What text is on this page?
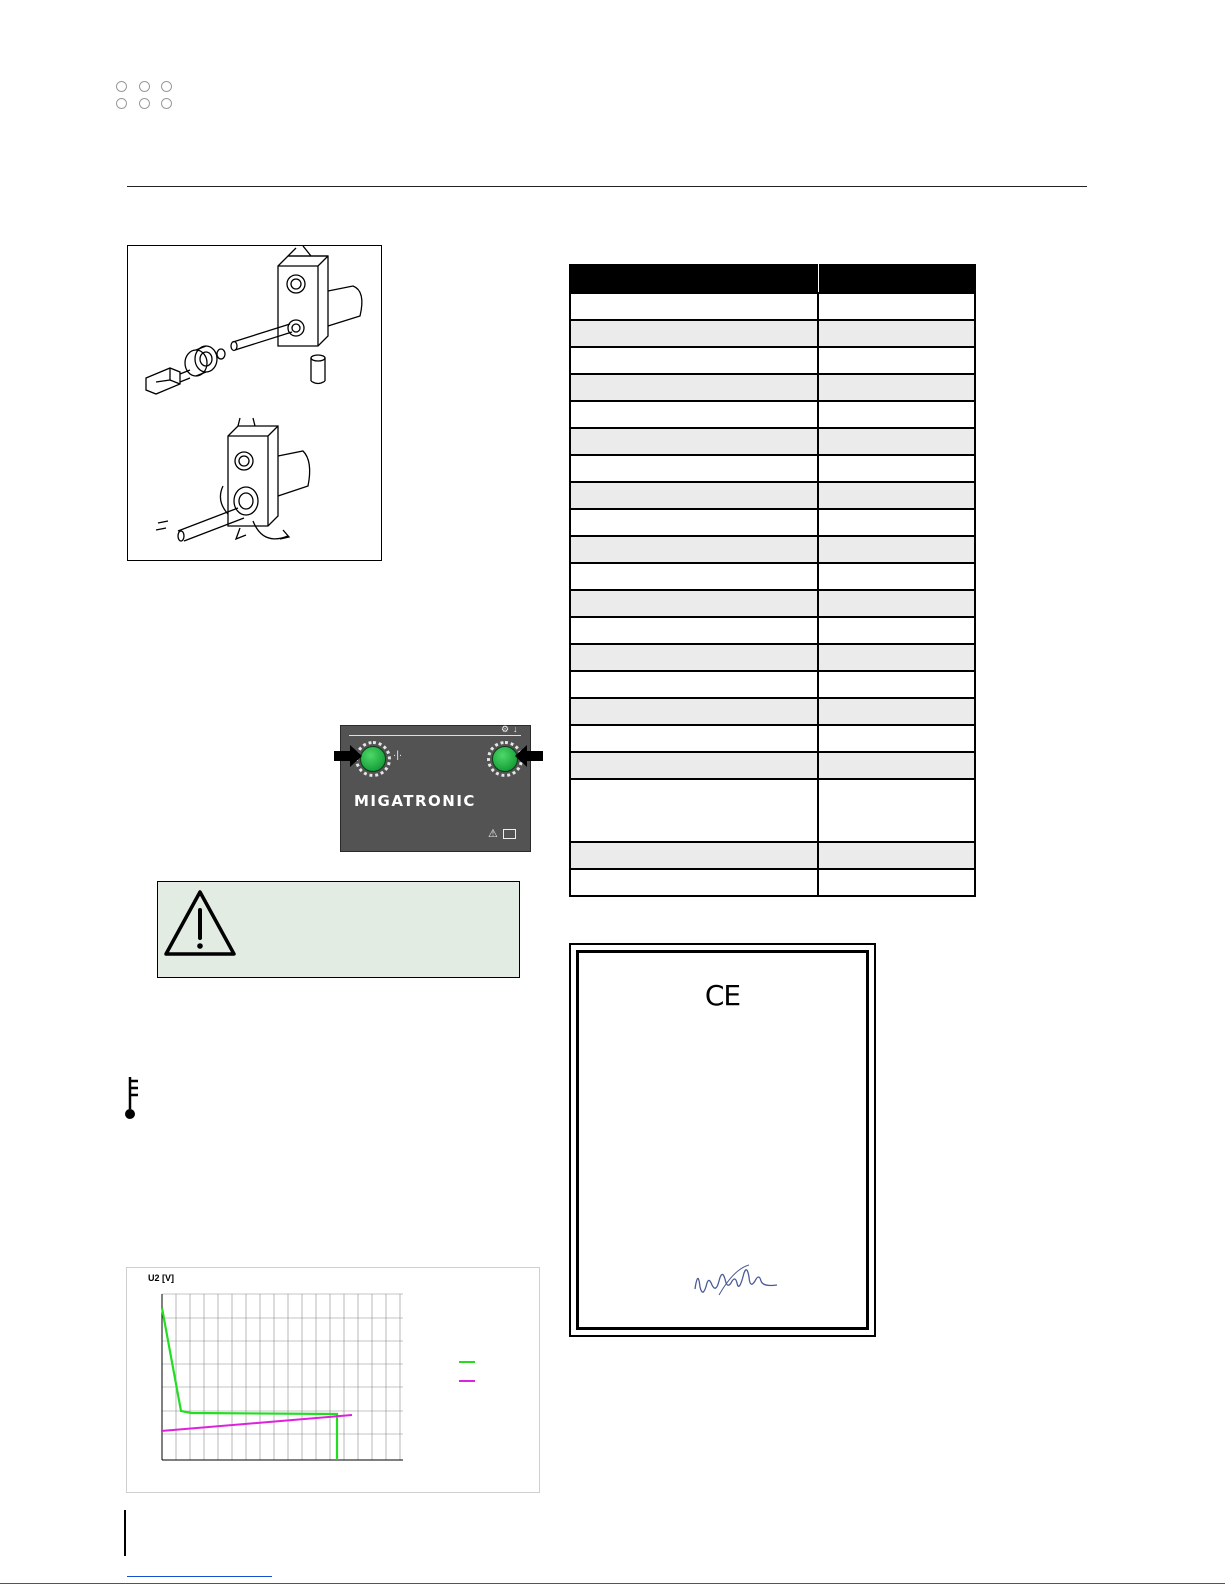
⚙ ↓
·|·
MIGATRONIC
⚠
U2 [V]
CE
